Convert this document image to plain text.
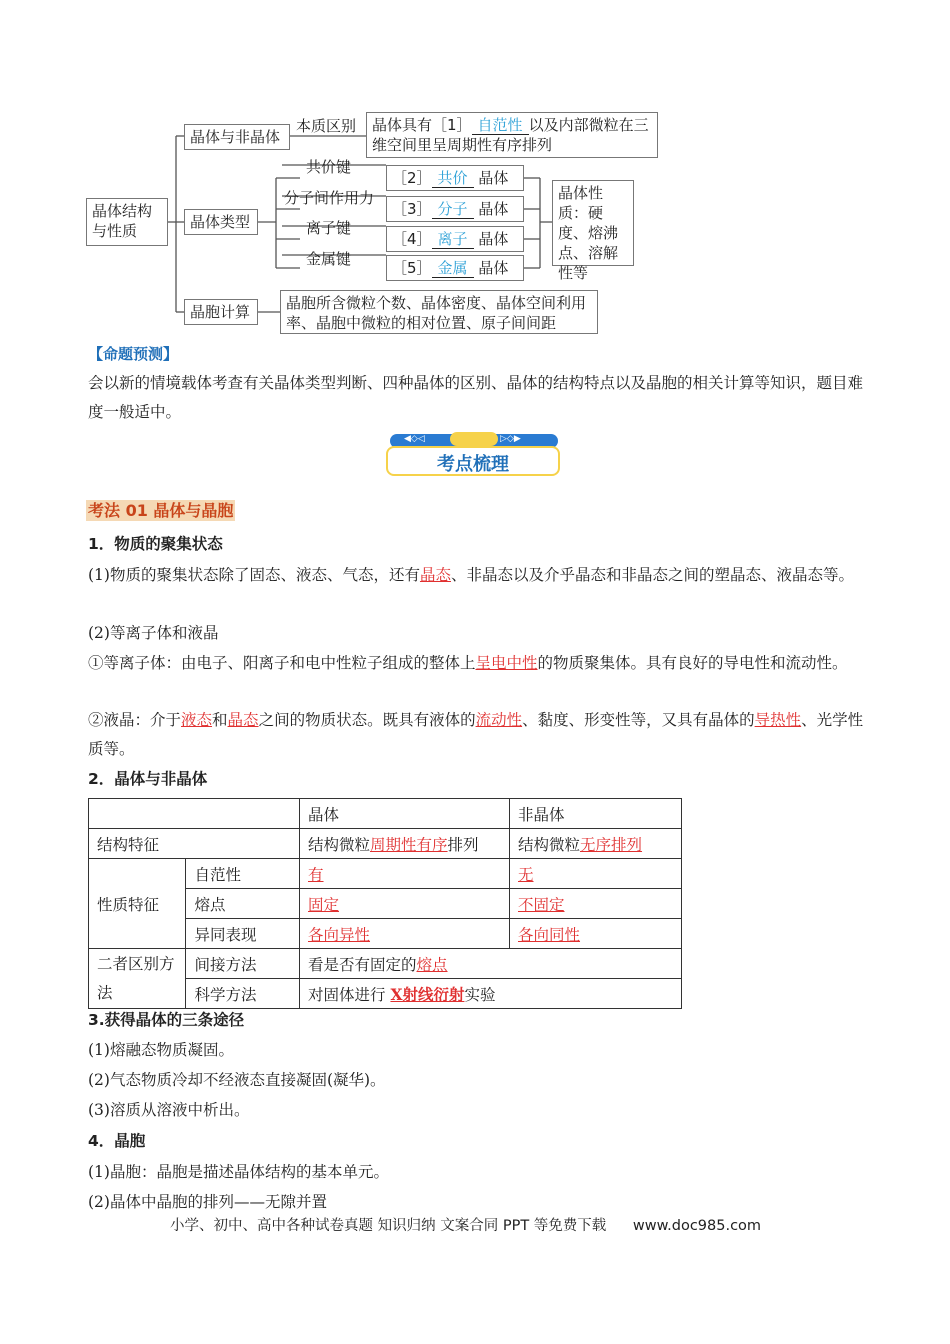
晶体结构与性质
晶体与非晶体
本质区别	晶体具有［1］ 自范性 以及内部微粒在三维空间里呈周期性有序排列
晶体类型
共价键
分子间作用力
离子键
金属键
［2］ 共价 晶体
［3］ 分子 晶体
［4］ 离子 晶体
［5］ 金属 晶体
晶体性质：硬度、熔沸点、溶解性等
晶胞计算	晶胞所含微粒个数、晶体密度、晶体空间利用率、晶胞中微粒的相对位置、原子间间距
【命题预测】
会以新的情境载体考查有关晶体类型判断、四种晶体的区别、晶体的结构特点以及晶胞的相关计算等知识，题目难度一般适中。
◀◇◁	▷◇▶
考点梳理
考法 01 晶体与晶胞
1．物质的聚集状态
(1)物质的聚集状态除了固态、液态、气态，还有晶态、非晶态以及介乎晶态和非晶态之间的塑晶态、液晶态等。
(2)等离子体和液晶
①等离子体：由电子、阳离子和电中性粒子组成的整体上呈电中性的物质聚集体。具有良好的导电性和流动性。
②液晶：介于液态和晶态之间的物质状态。既具有液体的流动性、黏度、形变性等，又具有晶体的导热性、光学性质等。
2．晶体与非晶体
		晶体	非晶体
结构特征		结构微粒周期性有序排列	结构微粒无序排列
性质特征	自范性	有	无
	熔点	固定	不固定
	异同表现	各向异性	各向同性
二者区别方法	间接方法	看是否有固定的熔点	
	科学方法	对固体进行 X射线衍射实验	
3.获得晶体的三条途径
(1)熔融态物质凝固。
(2)气态物质冷却不经液态直接凝固(凝华)。
(3)溶质从溶液中析出。
4．晶胞
(1)晶胞：晶胞是描述晶体结构的基本单元。
(2)晶体中晶胞的排列——无隙并置
小学、初中、高中各种试卷真题 知识归纳 文案合同 PPT 等免费下载 www.doc985.com
